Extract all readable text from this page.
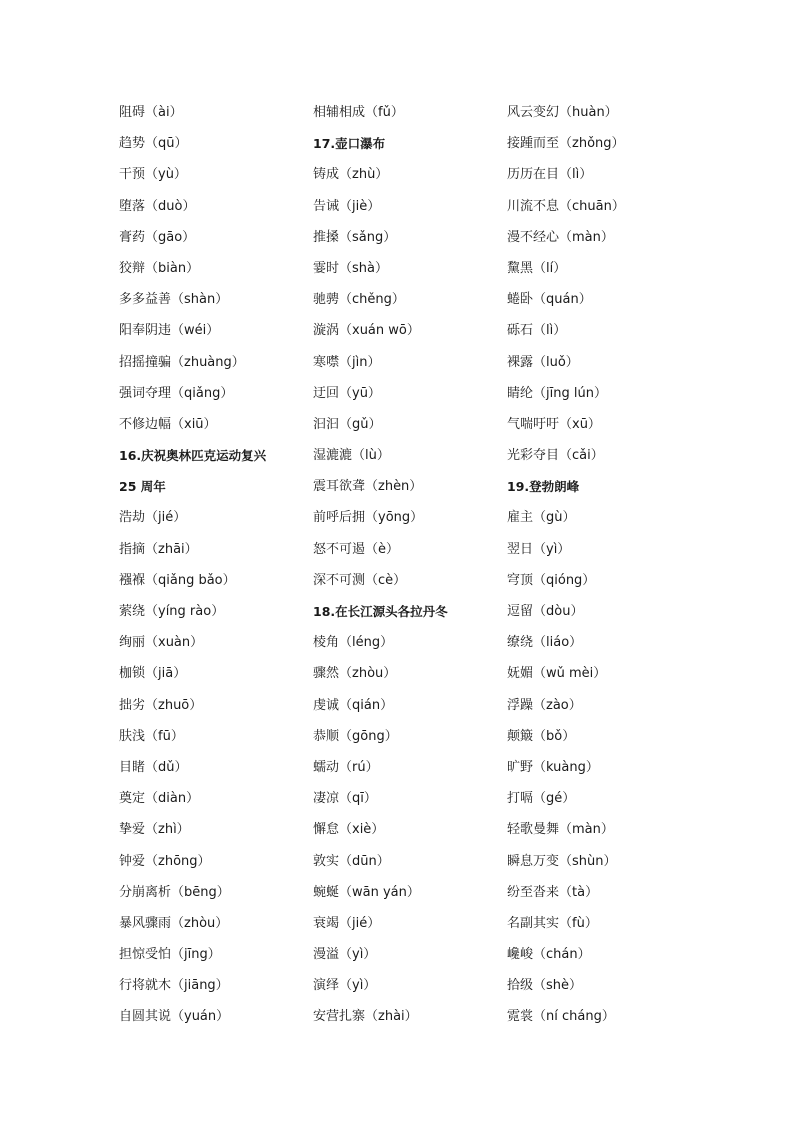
阻碍（ài）
趋势（qū）
干预（yù）
堕落（duò）
膏药（gāo）
狡辩（biàn）
多多益善（shàn）
阳奉阴违（wéi）
招摇撞骗（zhuàng）
强词夺理（qiǎng）
不修边幅（xiū）
16.庆祝奥林匹克运动复兴
25 周年
浩劫（jié）
指摘（zhāi）
襁褓（qiǎng bǎo）
萦绕（yíng rào）
绚丽（xuàn）
枷锁（jiā）
拙劣（zhuō）
肤浅（fū）
目睹（dǔ）
奠定（diàn）
挚爱（zhì）
钟爱（zhōng）
分崩离析（bēng）
暴风骤雨（zhòu）
担惊受怕（jīng）
行将就木（jiāng）
自圆其说（yuán）
相辅相成（fǔ）
17.壶口瀑布
铸成（zhù）
告诫（jiè）
推搡（sǎng）
霎时（shà）
驰骋（chěng）
漩涡（xuán wō）
寒噤（jìn）
迂回（yū）
汩汩（gǔ）
湿漉漉（lù）
震耳欲聋（zhèn）
前呼后拥（yōng）
怒不可遏（è）
深不可测（cè）
18.在长江源头各拉丹冬
棱角（léng）
骤然（zhòu）
虔诚（qián）
恭顺（gōng）
蠕动（rú）
凄凉（qī）
懈怠（xiè）
敦实（dūn）
蜿蜒（wān yán）
衰竭（jié）
漫溢（yì）
演绎（yì）
安营扎寨（zhài）
风云变幻（huàn）
接踵而至（zhǒng）
历历在目（lì）
川流不息（chuān）
漫不经心（màn）
黧黑（lí）
蜷卧（quán）
砾石（lì）
裸露（luǒ）
睛纶（jīng lún）
气喘吁吁（xū）
光彩夺目（cǎi）
19.登勃朗峰
雇主（gù）
翌日（yì）
穹顶（qióng）
逗留（dòu）
缭绕（liáo）
妩媚（wǔ mèi）
浮躁（zào）
颠簸（bǒ）
旷野（kuàng）
打嗝（gé）
轻歌曼舞（màn）
瞬息万变（shùn）
纷至沓来（tà）
名副其实（fù）
巉峻（chán）
拾级（shè）
霓裳（ní cháng）
